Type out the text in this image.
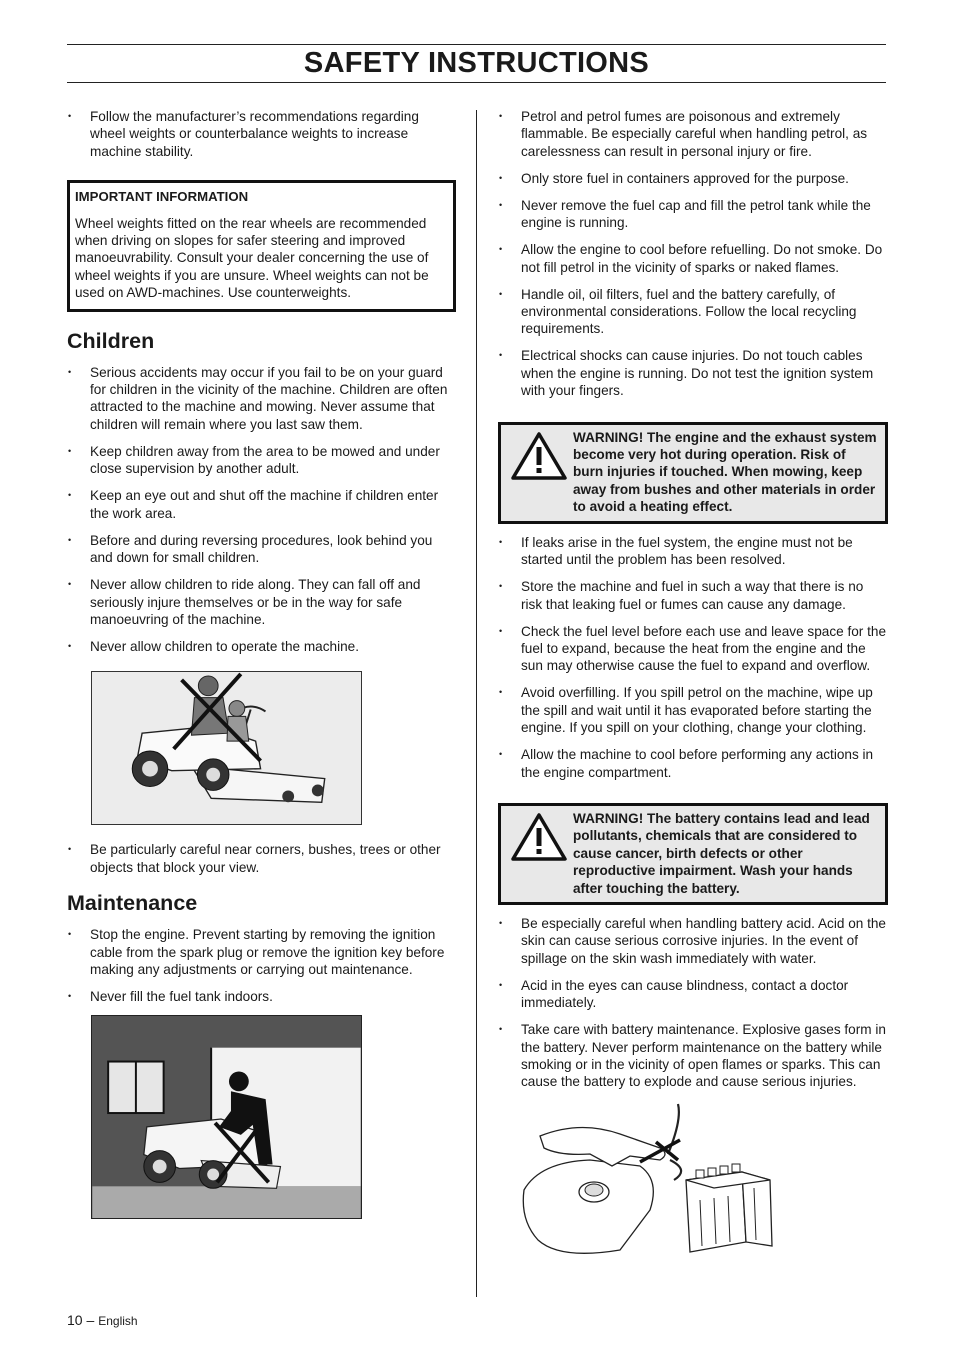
SAFETY INSTRUCTIONS
• Follow the manufacturer’s recommendations regarding wheel weights or counterbalance weights to increase machine stability.
IMPORTANT INFORMATION
Wheel weights fitted on the rear wheels are recommended when driving on slopes for safer steering and improved manoeuvrability. Consult your dealer concerning the use of wheel weights if you are unsure. Wheel weights can not be used on AWD-machines. Use counterweights.
Children
• Serious accidents may occur if you fail to be on your guard for children in the vicinity of the machine. Children are often attracted to the machine and mowing. Never assume that children will remain where you last saw them.
• Keep children away from the area to be mowed and under close supervision by another adult.
• Keep an eye out and shut off the machine if children enter the work area.
• Before and during reversing procedures, look behind you and down for small children.
• Never allow children to ride along. They can fall off and seriously injure themselves or be in the way for safe manoeuvring of the machine.
• Never allow children to operate the machine.
• Be particularly careful near corners, bushes, trees or other objects that block your view.
Maintenance
• Stop the engine. Prevent starting by removing the ignition cable from the spark plug or remove the ignition key before making any adjustments or carrying out maintenance.
• Never fill the fuel tank indoors.
• Petrol and petrol fumes are poisonous and extremely flammable. Be especially careful when handling petrol, as carelessness can result in personal injury or fire.
• Only store fuel in containers approved for the purpose.
• Never remove the fuel cap and fill the petrol tank while the engine is running.
• Allow the engine to cool before refuelling. Do not smoke. Do not fill petrol in the vicinity of sparks or naked flames.
• Handle oil, oil filters, fuel and the battery carefully, of environmental considerations. Follow the local recycling requirements.
• Electrical shocks can cause injuries. Do not touch cables when the engine is running. Do not test the ignition system with your fingers.
WARNING! The engine and the exhaust system become very hot during operation. Risk of burn injuries if touched. When mowing, keep away from bushes and other materials in order to avoid a heating effect.
• If leaks arise in the fuel system, the engine must not be started until the problem has been resolved.
• Store the machine and fuel in such a way that there is no risk that leaking fuel or fumes can cause any damage.
• Check the fuel level before each use and leave space for the fuel to expand, because the heat from the engine and the sun may otherwise cause the fuel to expand and overflow.
• Avoid overfilling. If you spill petrol on the machine, wipe up the spill and wait until it has evaporated before starting the engine. If you spill on your clothing, change your clothing.
• Allow the machine to cool before performing any actions in the engine compartment.
WARNING! The battery contains lead and lead pollutants, chemicals that are considered to cause cancer, birth defects or other reproductive impairment. Wash your hands after touching the battery.
• Be especially careful when handling battery acid. Acid on the skin can cause serious corrosive injuries. In the event of spillage on the skin wash immediately with water.
• Acid in the eyes can cause blindness, contact a doctor immediately.
• Take care with battery maintenance. Explosive gases form in the battery. Never perform maintenance on the battery while smoking or in the vicinity of open flames or sparks. This can cause the battery to explode and cause serious injuries.
10 – English
